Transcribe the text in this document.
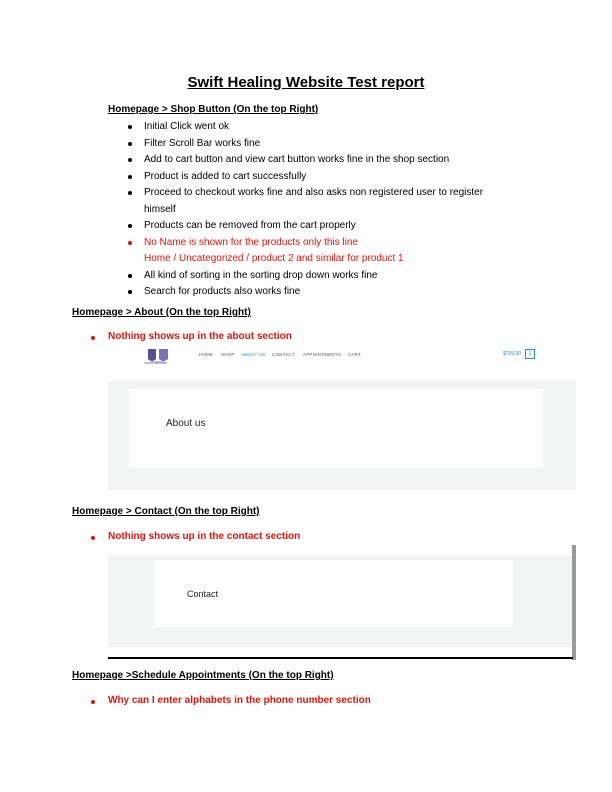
Swift Healing Website Test report
Homepage > Shop Button (On the top Right)
Initial Click went ok
Filter Scroll Bar works fine
Add to cart button and view cart button works fine in the shop section
Product is added to cart successfully
Proceed to checkout works fine and also asks non registered user to register
himself
Products can be removed from the cart properly
No Name is shown for the products only this line
Home / Uncategorized / product 2 and similar for product 1
All kind of sorting in the sorting drop down works fine
Search for products also works fine
Homepage > About (On the top Right)
Nothing shows up in the about section
SWIFT HEALING
HOME SHOP ABOUT US CONTACT APPOINTMENTS CART	$799.00	1
About us
Homepage > Contact (On the top Right)
Nothing shows up in the contact section
Contact
Homepage >Schedule Appointments (On the top Right)
Why can I enter alphabets in the phone number section
